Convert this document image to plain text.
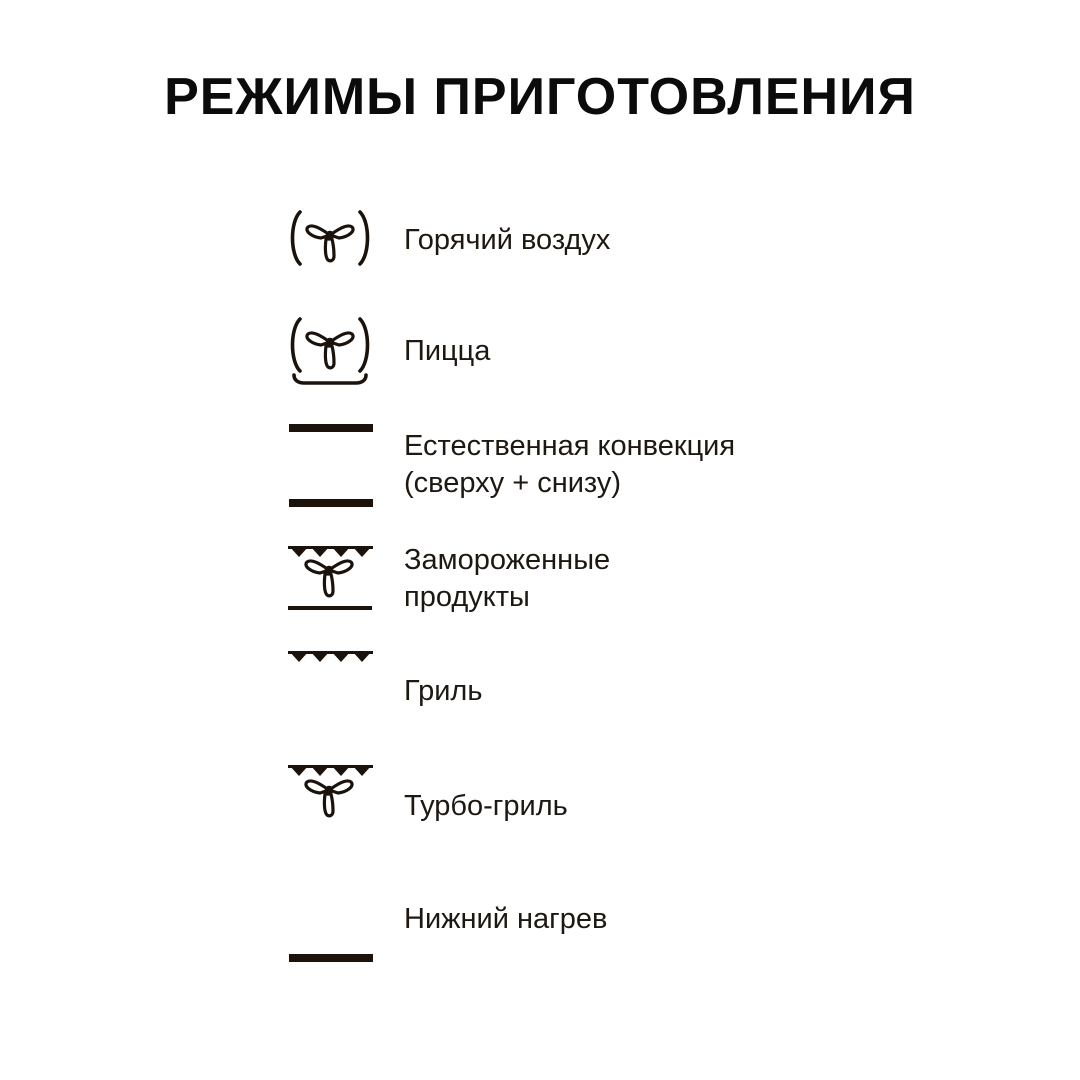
РЕЖИМЫ ПРИГОТОВЛЕНИЯ
Горячий воздух
Пицца
Естественная конвекция
(сверху + снизу)
Замороженные
продукты
Гриль
Турбо-гриль
Нижний нагрев
